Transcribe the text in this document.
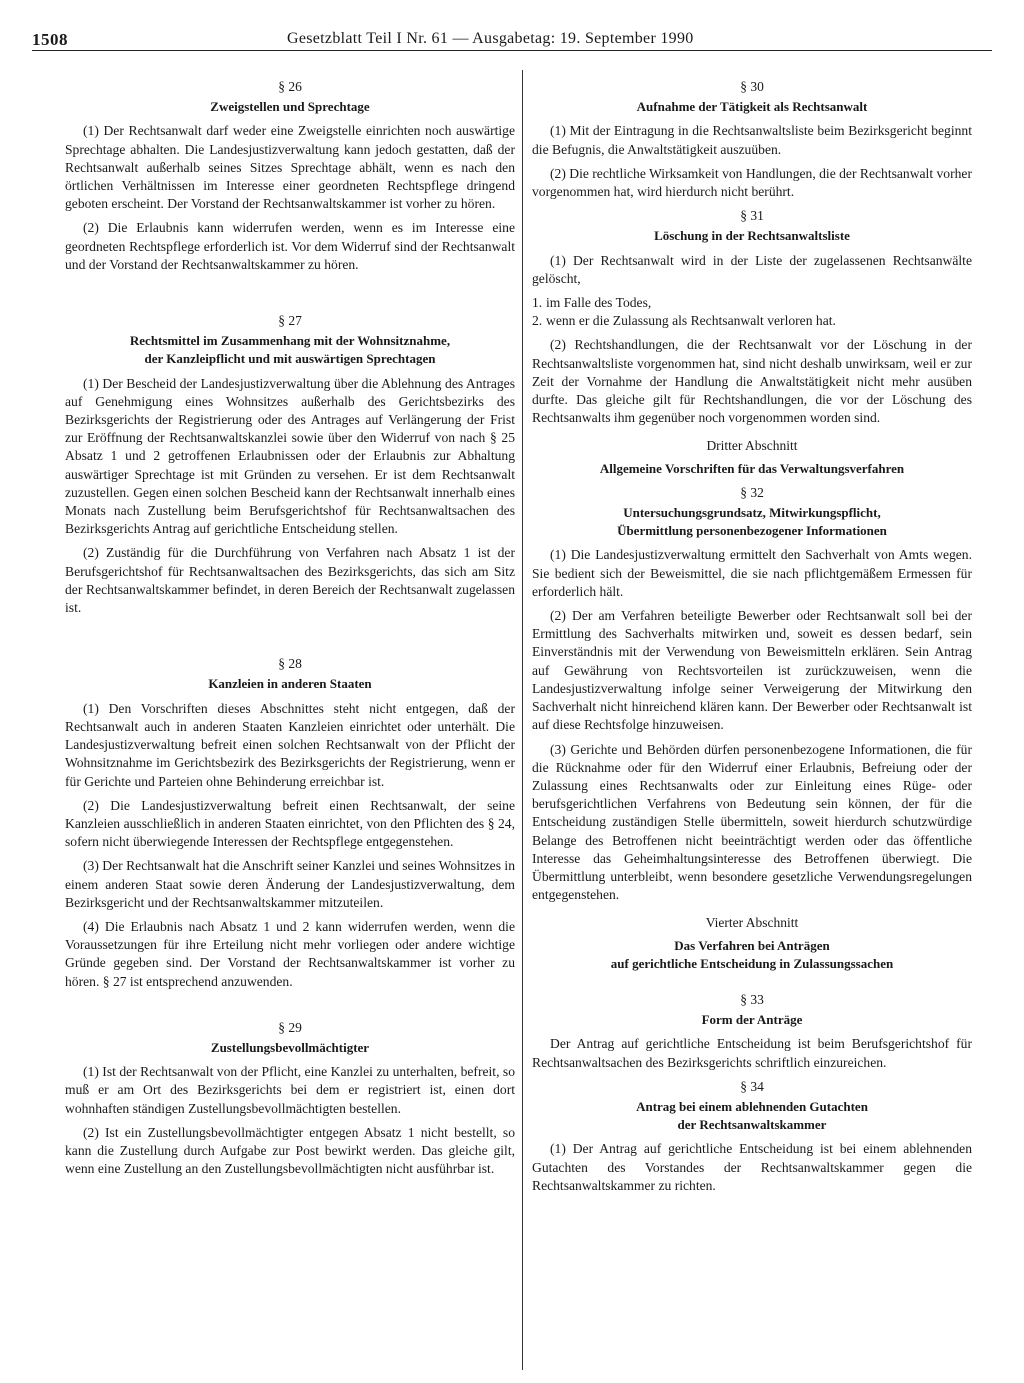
1508	Gesetzblatt Teil I Nr. 61 — Ausgabetag: 19. September 1990
§ 26
Zweigstellen und Sprechtage

(1) Der Rechtsanwalt darf weder eine Zweigstelle einrichten noch auswärtige Sprechtage abhalten. Die Landesjustizverwaltung kann jedoch gestatten, daß der Rechtsanwalt außerhalb seines Sitzes Sprechtage abhält, wenn es nach den örtlichen Verhältnissen im Interesse einer geordneten Rechtspflege dringend geboten erscheint. Der Vorstand der Rechtsanwaltskammer ist vorher zu hören.

(2) Die Erlaubnis kann widerrufen werden, wenn es im Interesse eine geordneten Rechtspflege erforderlich ist. Vor dem Widerruf sind der Rechtsanwalt und der Vorstand der Rechtsanwaltskammer zu hören.

§ 27
Rechtsmittel im Zusammenhang mit der Wohnsitznahme,
der Kanzleipflicht und mit auswärtigen Sprechtagen

(1) Der Bescheid der Landesjustizverwaltung über die Ablehnung des Antrages auf Genehmigung eines Wohnsitzes außerhalb des Gerichtsbezirks des Bezirksgerichts der Registrierung oder des Antrages auf Verlängerung der Frist zur Eröffnung der Rechtsanwaltskanzlei sowie über den Widerruf von nach § 25 Absatz 1 und 2 getroffenen Erlaubnissen oder der Erlaubnis zur Abhaltung auswärtiger Sprechtage ist mit Gründen zu versehen. Er ist dem Rechtsanwalt zuzustellen. Gegen einen solchen Bescheid kann der Rechtsanwalt innerhalb eines Monats nach Zustellung beim Berufsgerichtshof für Rechtsanwaltsachen des Bezirksgerichts Antrag auf gerichtliche Entscheidung stellen.

(2) Zuständig für die Durchführung von Verfahren nach Absatz 1 ist der Berufsgerichtshof für Rechtsanwaltsachen des Bezirksgerichts, das sich am Sitz der Rechtsanwaltskammer befindet, in deren Bereich der Rechtsanwalt zugelassen ist.

§ 28
Kanzleien in anderen Staaten

(1) Den Vorschriften dieses Abschnittes steht nicht entgegen, daß der Rechtsanwalt auch in anderen Staaten Kanzleien einrichtet oder unterhält. Die Landesjustizverwaltung befreit einen solchen Rechtsanwalt von der Pflicht der Wohnsitznahme im Gerichtsbezirk des Bezirksgerichts der Registrierung, wenn er für Gerichte und Parteien ohne Behinderung erreichbar ist.

(2) Die Landesjustizverwaltung befreit einen Rechtsanwalt, der seine Kanzleien ausschließlich in anderen Staaten einrichtet, von den Pflichten des § 24, sofern nicht überwiegende Interessen der Rechtspflege entgegenstehen.

(3) Der Rechtsanwalt hat die Anschrift seiner Kanzlei und seines Wohnsitzes in einem anderen Staat sowie deren Änderung der Landesjustizverwaltung, dem Bezirksgericht und der Rechtsanwaltskammer mitzuteilen.

(4) Die Erlaubnis nach Absatz 1 und 2 kann widerrufen werden, wenn die Voraussetzungen für ihre Erteilung nicht mehr vorliegen oder andere wichtige Gründe gegeben sind. Der Vorstand der Rechtsanwaltskammer ist vorher zu hören. § 27 ist entsprechend anzuwenden.

§ 29
Zustellungsbevollmächtigter

(1) Ist der Rechtsanwalt von der Pflicht, eine Kanzlei zu unterhalten, befreit, so muß er am Ort des Bezirksgerichts bei dem er registriert ist, einen dort wohnhaften ständigen Zustellungsbevollmächtigten bestellen.

(2) Ist ein Zustellungsbevollmächtigter entgegen Absatz 1 nicht bestellt, so kann die Zustellung durch Aufgabe zur Post bewirkt werden. Das gleiche gilt, wenn eine Zustellung an den Zustellungsbevollmächtigten nicht ausführbar ist.

§ 30
Aufnahme der Tätigkeit als Rechtsanwalt

(1) Mit der Eintragung in die Rechtsanwaltsliste beim Bezirksgericht beginnt die Befugnis, die Anwaltstätigkeit auszuüben.

(2) Die rechtliche Wirksamkeit von Handlungen, die der Rechtsanwalt vorher vorgenommen hat, wird hierdurch nicht berührt.

§ 31
Löschung in der Rechtsanwaltsliste

(1) Der Rechtsanwalt wird in der Liste der zugelassenen Rechtsanwälte gelöscht,

1. im Falle des Todes,
2. wenn er die Zulassung als Rechtsanwalt verloren hat.

(2) Rechtshandlungen, die der Rechtsanwalt vor der Löschung in der Rechtsanwaltsliste vorgenommen hat, sind nicht deshalb unwirksam, weil er zur Zeit der Vornahme der Handlung die Anwaltstätigkeit nicht mehr ausüben durfte. Das gleiche gilt für Rechtshandlungen, die vor der Löschung des Rechtsanwalts ihm gegenüber noch vorgenommen worden sind.

Dritter Abschnitt
Allgemeine Vorschriften für das Verwaltungsverfahren
§ 32
Untersuchungsgrundsatz, Mitwirkungspflicht,
Übermittlung personenbezogener Informationen

(1) Die Landesjustizverwaltung ermittelt den Sachverhalt von Amts wegen. Sie bedient sich der Beweismittel, die sie nach pflichtgemäßem Ermessen für erforderlich hält.

(2) Der am Verfahren beteiligte Bewerber oder Rechtsanwalt soll bei der Ermittlung des Sachverhalts mitwirken und, soweit es dessen bedarf, sein Einverständnis mit der Verwendung von Beweismitteln erklären. Sein Antrag auf Gewährung von Rechtsvorteilen ist zurückzuweisen, wenn die Landesjustizverwaltung infolge seiner Verweigerung der Mitwirkung den Sachverhalt nicht hinreichend klären kann. Der Bewerber oder Rechtsanwalt ist auf diese Rechtsfolge hinzuweisen.

(3) Gerichte und Behörden dürfen personenbezogene Informationen, die für die Rücknahme oder für den Widerruf einer Erlaubnis, Befreiung oder der Zulassung eines Rechtsanwalts oder zur Einleitung eines Rüge- oder berufsgerichtlichen Verfahrens von Bedeutung sein können, der für die Entscheidung zuständigen Stelle übermitteln, soweit hierdurch schutzwürdige Belange des Betroffenen nicht beeinträchtigt werden oder das öffentliche Interesse das Geheimhaltungsinteresse des Betroffenen überwiegt. Die Übermittlung unterbleibt, wenn besondere gesetzliche Verwendungsregelungen entgegenstehen.

Vierter Abschnitt
Das Verfahren bei Anträgen
auf gerichtliche Entscheidung in Zulassungssachen
§ 33
Form der Anträge

Der Antrag auf gerichtliche Entscheidung ist beim Berufsgerichtshof für Rechtsanwaltsachen des Bezirksgerichts schriftlich einzureichen.

§ 34
Antrag bei einem ablehnenden Gutachten
der Rechtsanwaltskammer

(1) Der Antrag auf gerichtliche Entscheidung ist bei einem ablehnenden Gutachten des Vorstandes der Rechtsanwaltskammer gegen die Rechtsanwaltskammer zu richten.
